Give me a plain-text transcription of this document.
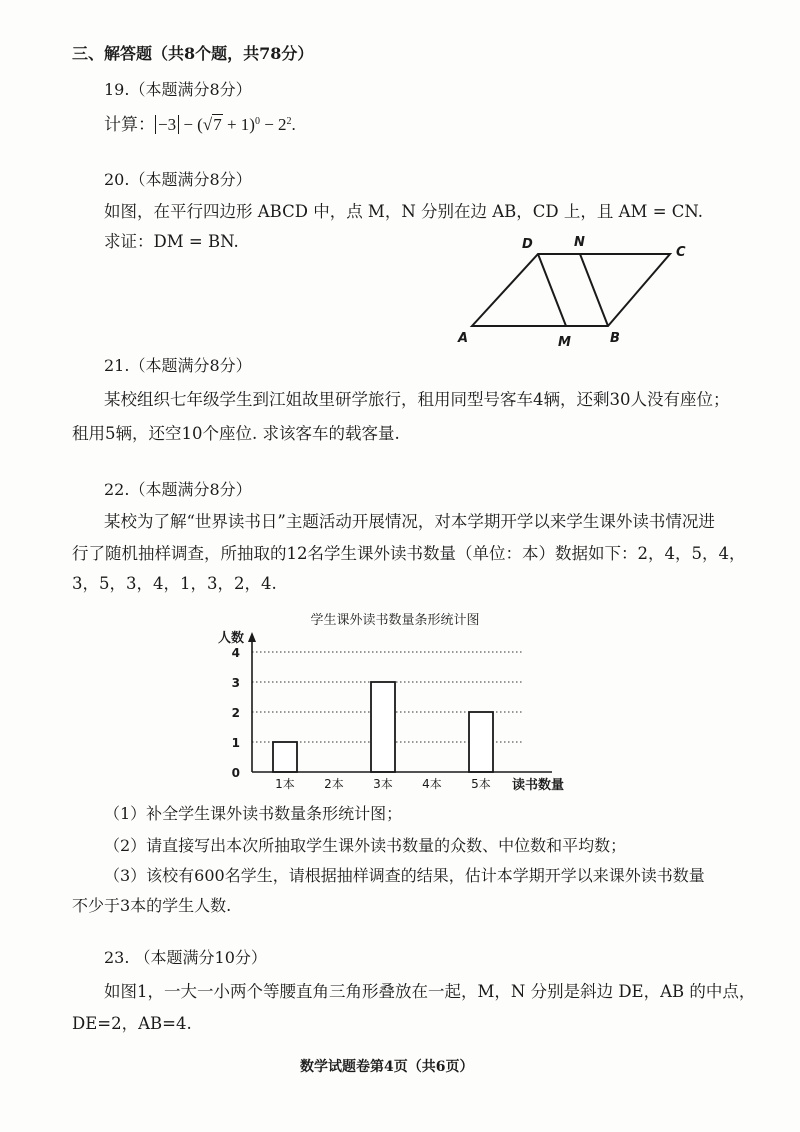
三、解答题（共8个题，共78分）
19.（本题满分8分）
计算： $-3 - (√7 + 1)^0 - 2^2$.
20.（本题满分8分）
如图，在平行四边形 ABCD 中，点 M，N 分别在边 AB，CD 上，且 AM = CN.
求证：DM = BN.
A	B
C
D
M
N
21.（本题满分8分）
某校组织七年级学生到江姐故里研学旅行，租用同型号客车4辆，还剩30人没有座位；
租用5辆，还空10个座位. 求该客车的载客量.
22.（本题满分8分）
某校为了解“世界读书日”主题活动开展情况，对本学期开学以来学生课外读书情况进
行了随机抽样调查，所抽取的12名学生课外读书数量（单位：本）数据如下：2，4，5，4，
3，5，3，4，1，3，2，4.
学生课外读书数量条形统计图
人数
读书数量
0
1
2
3
4
1本 2本 3本 4本 5本
（1）补全学生课外读书数量条形统计图；
（2）请直接写出本次所抽取学生课外读书数量的众数、中位数和平均数；
（3）该校有600名学生，请根据抽样调查的结果，估计本学期开学以来课外读书数量
不少于3本的学生人数.
23. （本题满分10分）
如图1，一大一小两个等腰直角三角形叠放在一起，M，N 分别是斜边 DE，AB 的中点，
DE=2，AB=4.
数学试题卷第4页（共6页）
